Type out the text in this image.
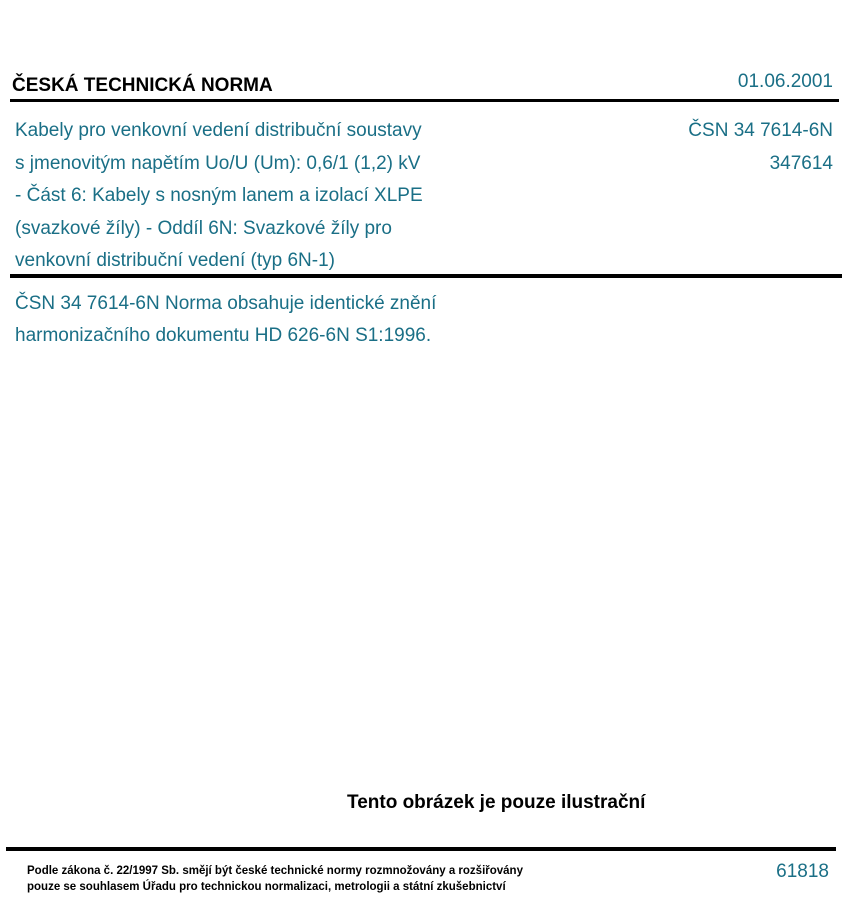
ČESKÁ TECHNICKÁ NORMA	01.06.2001
Kabely pro venkovní vedení distribuční soustavy
s jmenovitým napětím Uo/U (Um): 0,6/1 (1,2) kV
- Část 6: Kabely s nosným lanem a izolací XLPE
(svazkové žíly) - Oddíl 6N: Svazkové žíly pro
venkovní distribuční vedení (typ 6N-1)
ČSN 34 7614-6N
347614
ČSN 34 7614-6N Norma obsahuje identické znění
harmonizačního dokumentu HD 626-6N S1:1996.
Tento obrázek je pouze ilustrační
Podle zákona č. 22/1997 Sb. smějí být české technické normy rozmnožovány a rozšiřovány
pouze se souhlasem Úřadu pro technickou normalizaci, metrologii a státní zkušebnictví
61818
